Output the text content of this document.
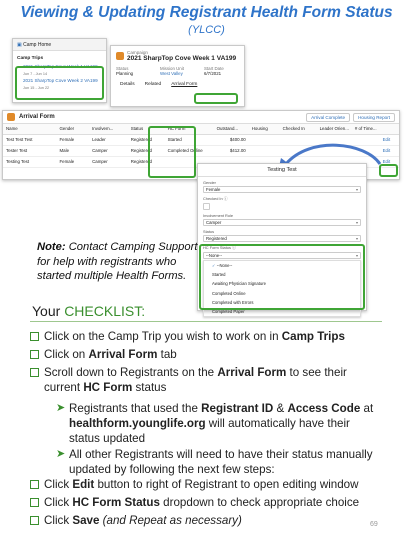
Viewing & Updating Registrant Health Form Status
(YLCC)
▣ Camp Home
Camp Trips
2021 SharpTop Cove Week 1 VA199
Jun 7 - Jun 14
2021 SharpTop Cove Week 2 VA199
Jun 15 - Jun 22
Campaign
2021 SharpTop Cove Week 1 VA199
Status
Planning
Mission Unit
West Valley
Start Date
6/7/2021
Details Related Arrival Form
Arrival Form	Arrival Complete	Housing Report
Name	Gender	Involvem...	Status	HC Form	Outstand...	Housing	Checked In	Leader Orien...	# of Time...	
Test Test Test	Female	Leader	Registered	Started	$400.00					Edit
Tester Test	Male	Camper	Registered	Completed Online	$412.00					Edit
Testing Test	Female	Camper	Registered							Edit
Testing Test
Gender
Female	▾
Checked In ⓘ
Involvement Role
Camper	▾
Status
Registered	▾
HC Form Status ⓘ
--None--	▾
✓ --None--
Started
Awaiting Physician Signature
Completed Online
Completed with Errors
Completed Paper
Note: Contact Camping Support for help with registrants who started multiple Health Forms.
Your CHECKLIST:
Click on the Camp Trip you wish to work on in Camp Trips
Click on Arrival Form tab
Scroll down to Registrants on the Arrival Form to see their current HC Form status
➤ Registrants that used the Registrant ID & Access Code at healthform.younglife.org will automatically have their status updated
➤ All other Registrants will need to have their status manually updated by following the next few steps:
Click Edit button to right of Registrant to open editing window
Click HC Form Status dropdown to check appropriate choice
Click Save (and Repeat as necessary)	69
